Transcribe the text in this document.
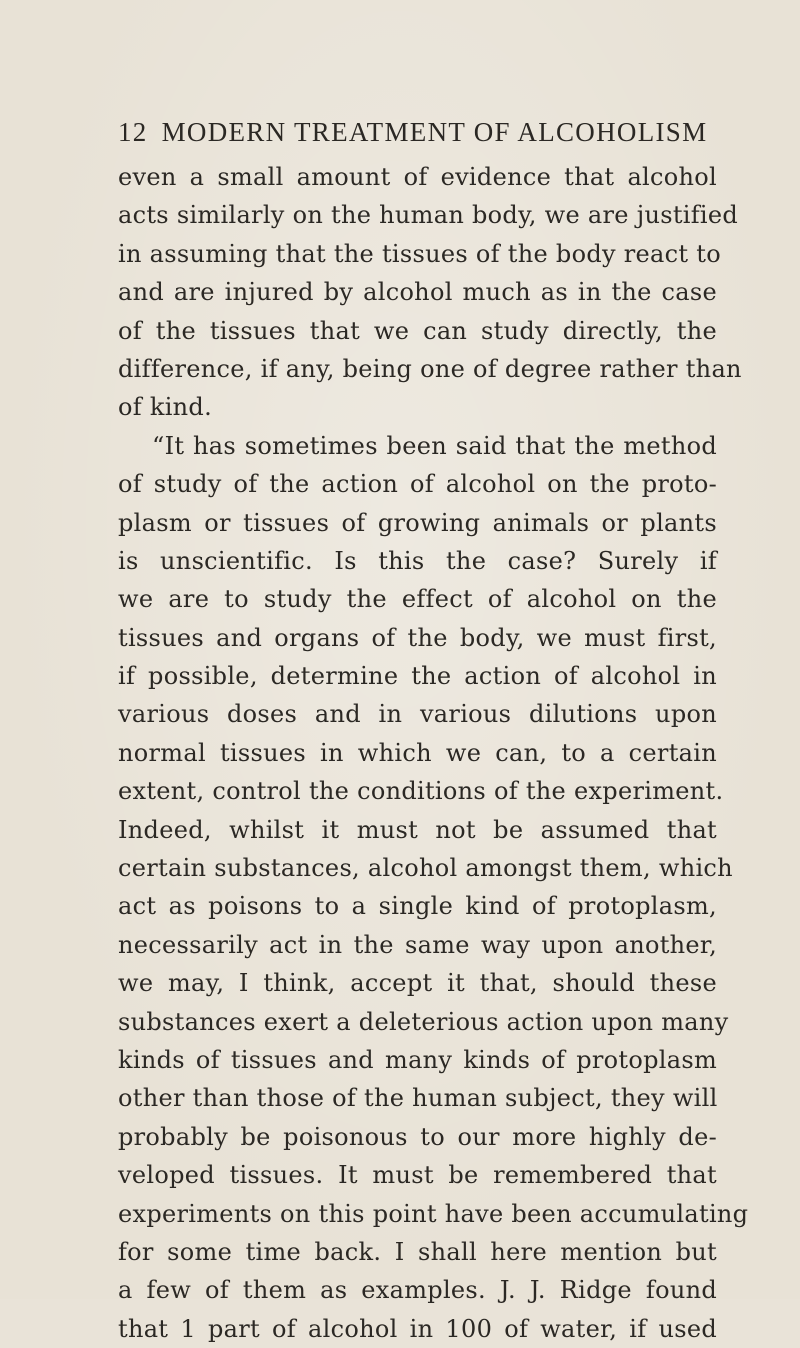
12 MODERN TREATMENT OF ALCOHOLISM
even a small amount of evidence that alcohol
acts similarly on the human body, we are justified
in assuming that the tissues of the body react to
and are injured by alcohol much as in the case
of the tissues that we can study directly, the
difference, if any, being one of degree rather than
of kind.
“It has sometimes been said that the method
of study of the action of alcohol on the proto-
plasm or tissues of growing animals or plants
is unscientific. Is this the case? Surely if
we are to study the effect of alcohol on the
tissues and organs of the body, we must first,
if possible, determine the action of alcohol in
various doses and in various dilutions upon
normal tissues in which we can, to a certain
extent, control the conditions of the experiment.
Indeed, whilst it must not be assumed that
certain substances, alcohol amongst them, which
act as poisons to a single kind of protoplasm,
necessarily act in the same way upon another,
we may, I think, accept it that, should these
substances exert a deleterious action upon many
kinds of tissues and many kinds of protoplasm
other than those of the human subject, they will
probably be poisonous to our more highly de-
veloped tissues. It must be remembered that
experiments on this point have been accumulating
for some time back. I shall here mention but
a few of them as examples. J. J. Ridge found
that 1 part of alcohol in 100 of water, if used
